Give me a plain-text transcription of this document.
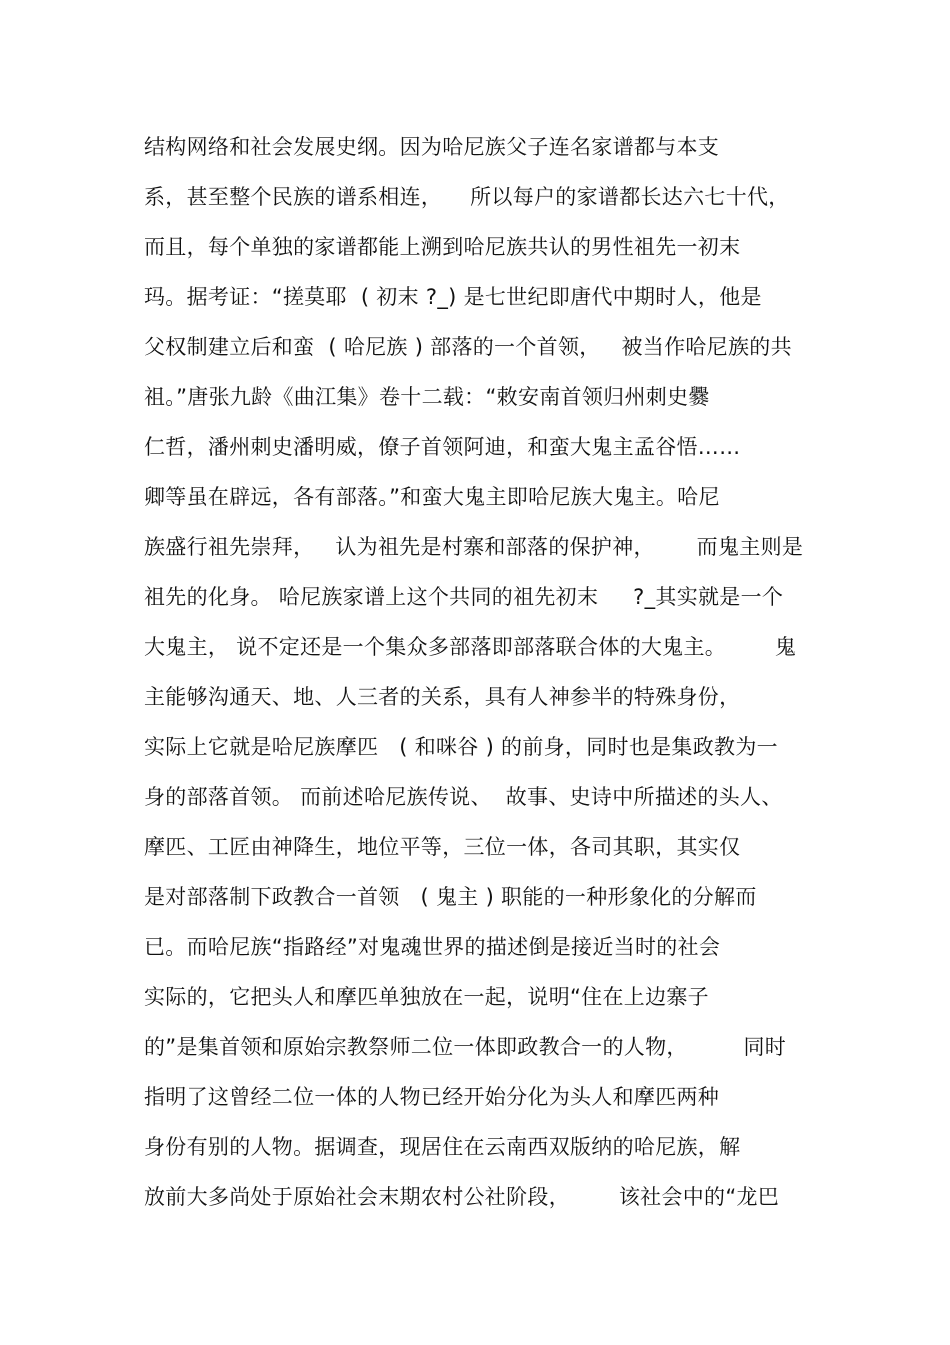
结构网络和社会发展史纲。因为哈尼族父子连名家谱都与本支
系，甚至整个民族的谱系相连，    所以每户的家谱都长达六七十代，
而且，每个单独的家谱都能上溯到哈尼族共认的男性祖先一初末
玛。据考证：“搓莫耶  ( 初末 ?_) 是七世纪即唐代中期时人，他是
父权制建立后和蛮  ( 哈尼族 ) 部落的一个首领，   被当作哈尼族的共
祖。”唐张九龄《曲江集》卷十二载：“敕安南首领归州刺史爨
仁哲，潘州刺史潘明威，僚子首领阿迪，和蛮大鬼主孟谷悟……
卿等虽在辟远，各有部落。”和蛮大鬼主即哈尼族大鬼主。哈尼
族盛行祖先崇拜，   认为祖先是村寨和部落的保护神，      而鬼主则是
祖先的化身。 哈尼族家谱上这个共同的祖先初末     ?_其实就是一个
大鬼主， 说不定还是一个集众多部落即部落联合体的大鬼主。       鬼
主能够沟通天、地、人三者的关系，具有人神参半的特殊身份，
实际上它就是哈尼族摩匹   ( 和咪谷 ) 的前身，同时也是集政教为一
身的部落首领。 而前述哈尼族传说、  故事、史诗中所描述的头人、
摩匹、工匠由神降生，地位平等，三位一体，各司其职，其实仅
是对部落制下政教合一首领   ( 鬼主 ) 职能的一种形象化的分解而
已。而哈尼族“指路经”对鬼魂世界的描述倒是接近当时的社会
实际的，它把头人和摩匹单独放在一起，说明“住在上边寨子
的”是集首领和原始宗教祭师二位一体即政教合一的人物，        同时
指明了这曾经二位一体的人物已经开始分化为头人和摩匹两种
身份有别的人物。据调查，现居住在云南西双版纳的哈尼族，解
放前大多尚处于原始社会末期农村公社阶段，       该社会中的“龙巴
